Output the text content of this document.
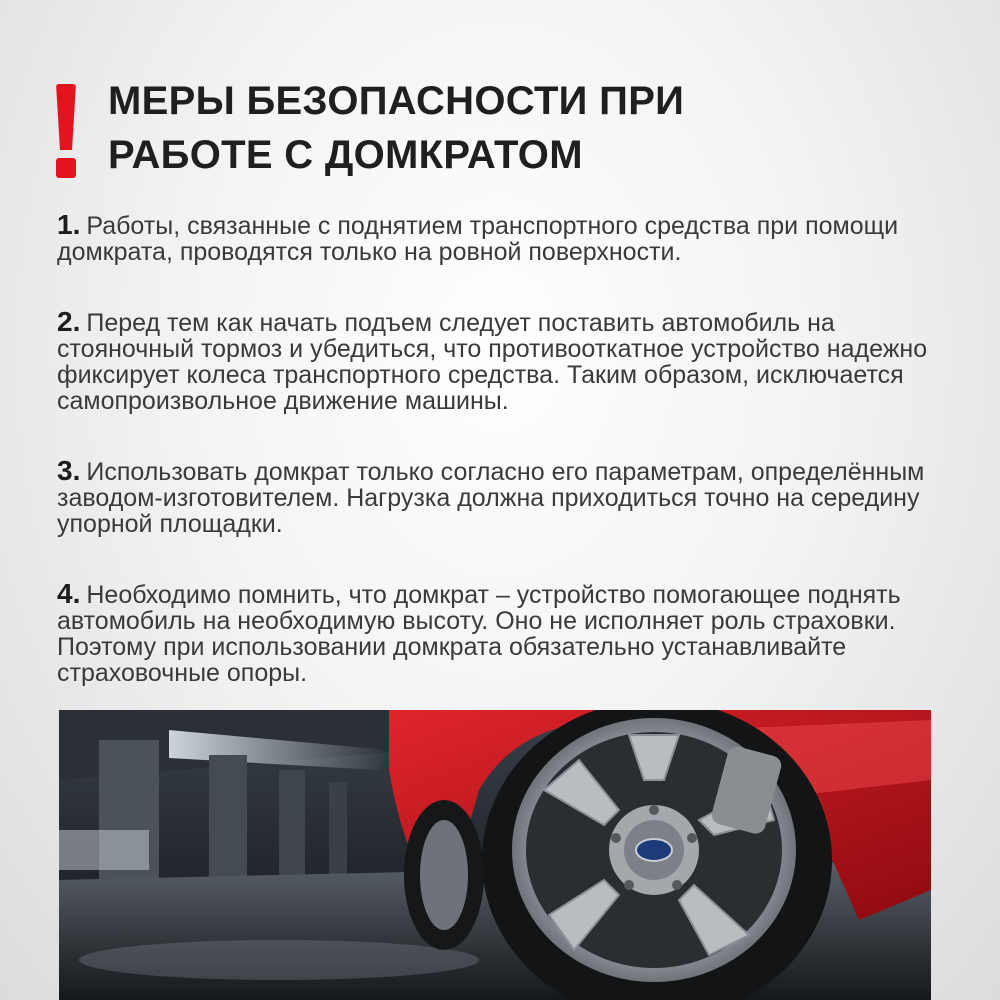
МЕРЫ БЕЗОПАСНОСТИ ПРИ
РАБОТЕ С ДОМКРАТОМ

1. Работы, связанные с поднятием транспортного средства при помощи домкрата, проводятся только на ровной поверхности.

2. Перед тем как начать подъем следует поставить автомобиль на стояночный тормоз и убедиться, что противооткатное устройство надежно фиксирует колеса транспортного средства. Таким образом, исключается самопроизвольное движение машины.

3. Использовать домкрат только согласно его параметрам, определённым заводом-изготовителем. Нагрузка должна приходиться точно на середину упорной площадки.

4. Необходимо помнить, что домкрат – устройство помогающее поднять автомобиль на необходимую высоту. Оно не исполняет роль страховки. Поэтому при использовании домкрата обязательно устанавливайте страховочные опоры.
